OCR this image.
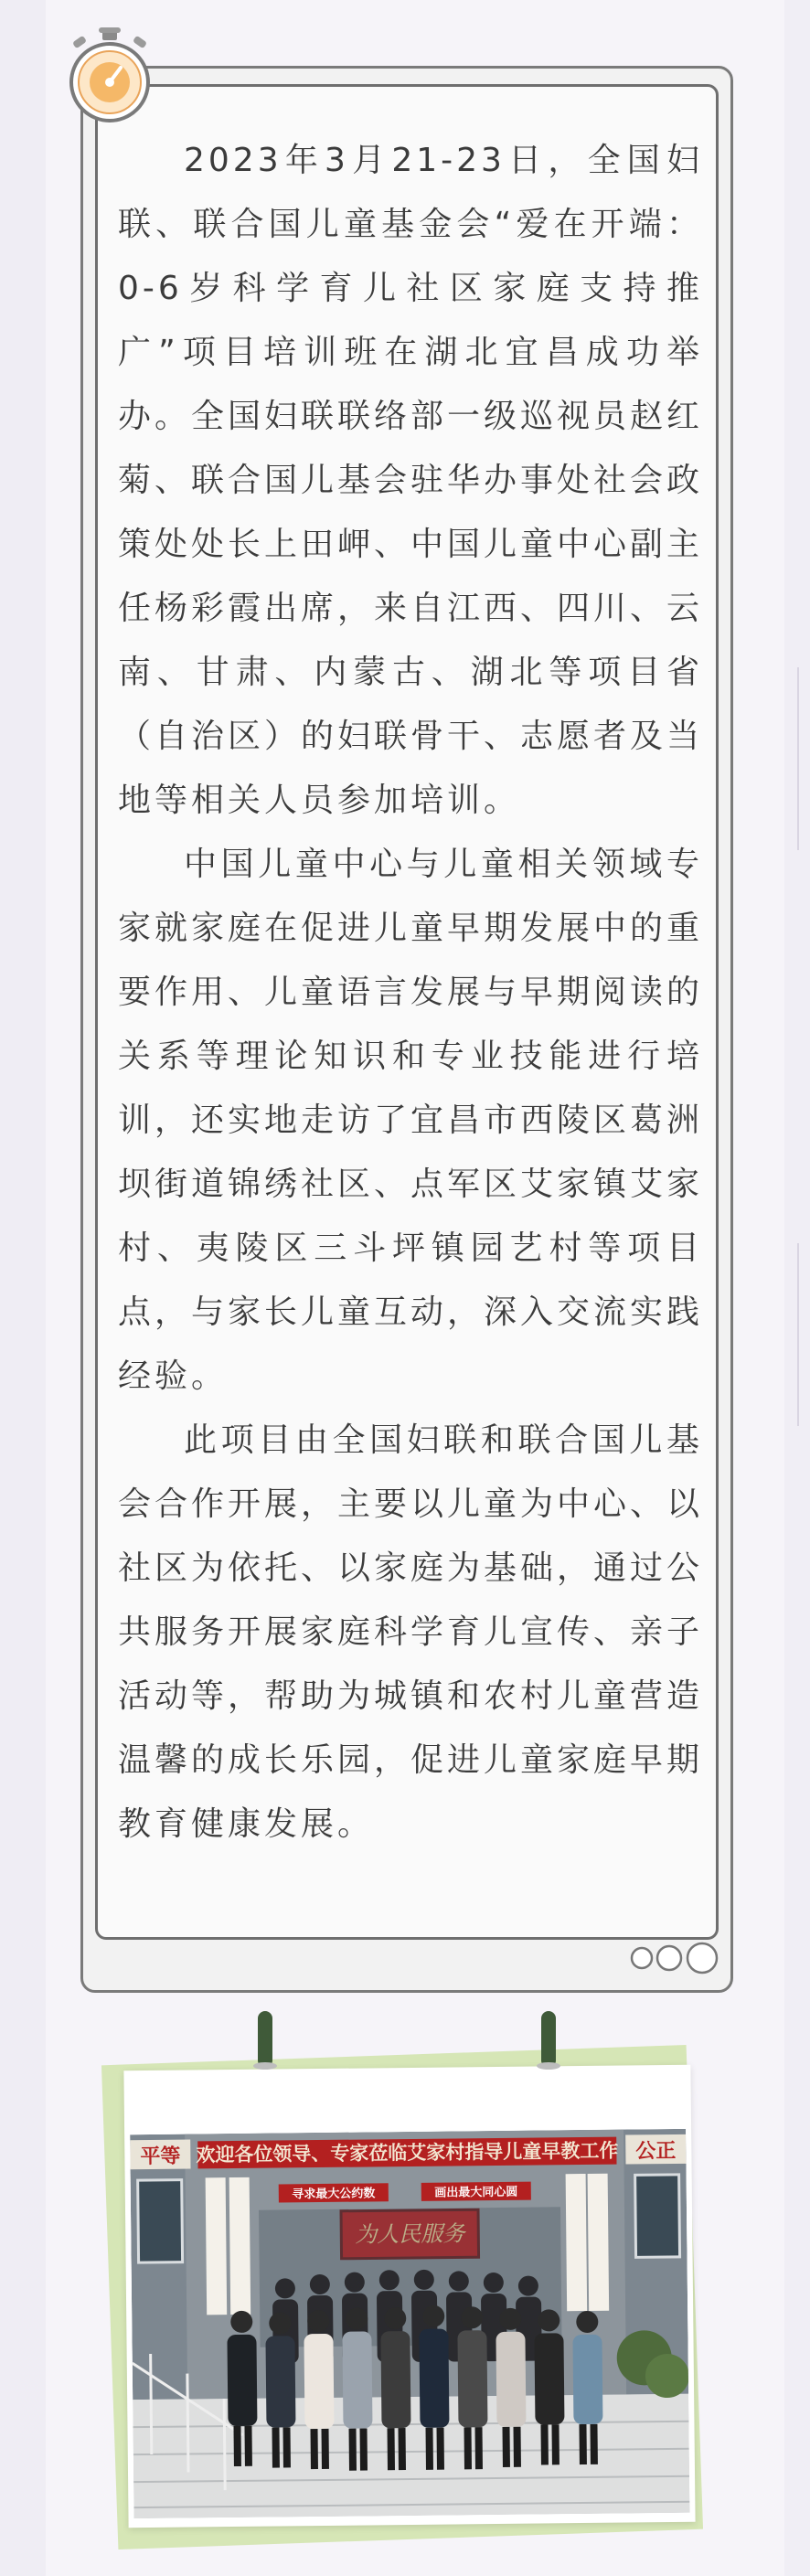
2023年3月21-23日，全国妇联、联合国儿童基金会“爱在开端：0-6岁科学育儿社区家庭支持推广”项目培训班在湖北宜昌成功举办。全国妇联联络部一级巡视员赵红菊、联合国儿基会驻华办事处社会政策处处长上田岬、中国儿童中心副主任杨彩霞出席，来自江西、四川、云南、甘肃、内蒙古、湖北等项目省（自治区）的妇联骨干、志愿者及当地等相关人员参加培训。

中国儿童中心与儿童相关领域专家就家庭在促进儿童早期发展中的重要作用、儿童语言发展与早期阅读的关系等理论知识和专业技能进行培训，还实地走访了宜昌市西陵区葛洲坝街道锦绣社区、点军区艾家镇艾家村、夷陵区三斗坪镇园艺村等项目点，与家长儿童互动，深入交流实践经验。

此项目由全国妇联和联合国儿基会合作开展，主要以儿童为中心、以社区为依托、以家庭为基础，通过公共服务开展家庭科学育儿宣传、亲子活动等，帮助为城镇和农村儿童营造温馨的成长乐园，促进儿童家庭早期教育健康发展。

欢迎各位领导、专家莅临艾家村指导儿童早教工作
平等	公正
寻求最大公约数	画出最大同心圆
为人民服务
